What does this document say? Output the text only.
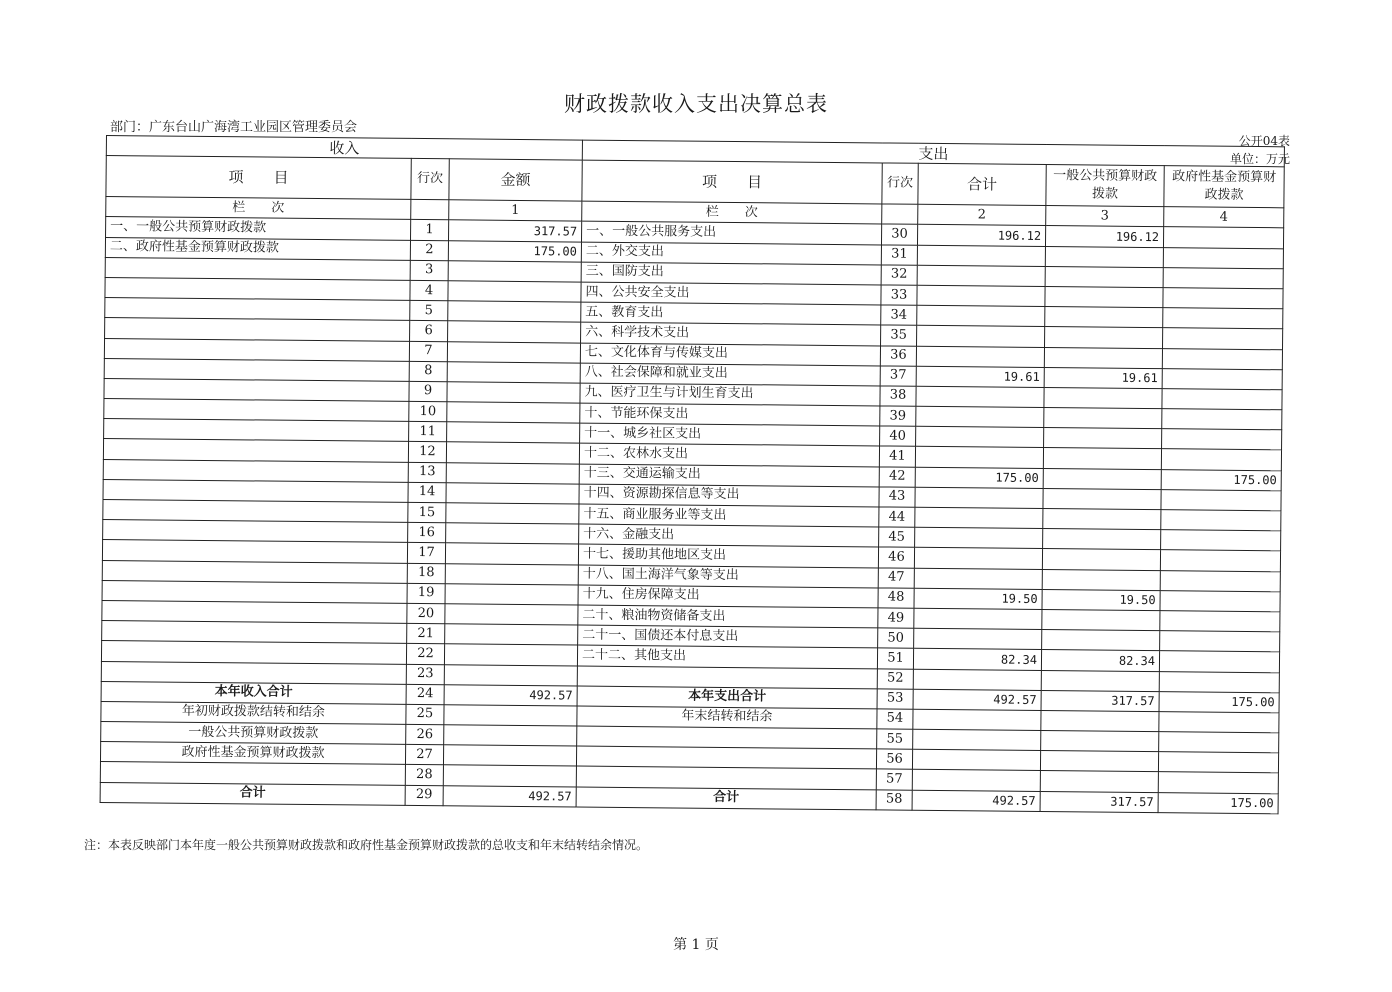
财政拨款收入支出决算总表
部门：广东台山广海湾工业园区管理委员会
公开04表
单位：万元
收入			支出				
项　　目	行次	金额	项　　目	行次	合计	一般公共预算财政拨款	政府性基金预算财政拨款
栏　　次		1	栏　　次		2	3	4
一、一般公共预算财政拨款	1	317.57	一、一般公共服务支出	30	196.12	196.12	
二、政府性基金预算财政拨款	2	175.00	二、外交支出	31			
	3		三、国防支出	32			
	4		四、公共安全支出	33			
	5		五、教育支出	34			
	6		六、科学技术支出	35			
	7		七、文化体育与传媒支出	36			
	8		八、社会保障和就业支出	37	19.61	19.61	
	9		九、医疗卫生与计划生育支出	38			
	10		十、节能环保支出	39			
	11		十一、城乡社区支出	40			
	12		十二、农林水支出	41			
	13		十三、交通运输支出	42	175.00		175.00
	14		十四、资源勘探信息等支出	43			
	15		十五、商业服务业等支出	44			
	16		十六、金融支出	45			
	17		十七、援助其他地区支出	46			
	18		十八、国土海洋气象等支出	47			
	19		十九、住房保障支出	48	19.50	19.50	
	20		二十、粮油物资储备支出	49			
	21		二十一、国债还本付息支出	50			
	22		二十二、其他支出	51	82.34	82.34	
	23			52			
本年收入合计	24	492.57	本年支出合计	53	492.57	317.57	175.00
年初财政拨款结转和结余	25		年末结转和结余	54			
一般公共预算财政拨款	26			55			
政府性基金预算财政拨款	27			56			
	28			57			
合计	29	492.57	合计	58	492.57	317.57	175.00
注：本表反映部门本年度一般公共预算财政拨款和政府性基金预算财政拨款的总收支和年末结转结余情况。
第 1 页
